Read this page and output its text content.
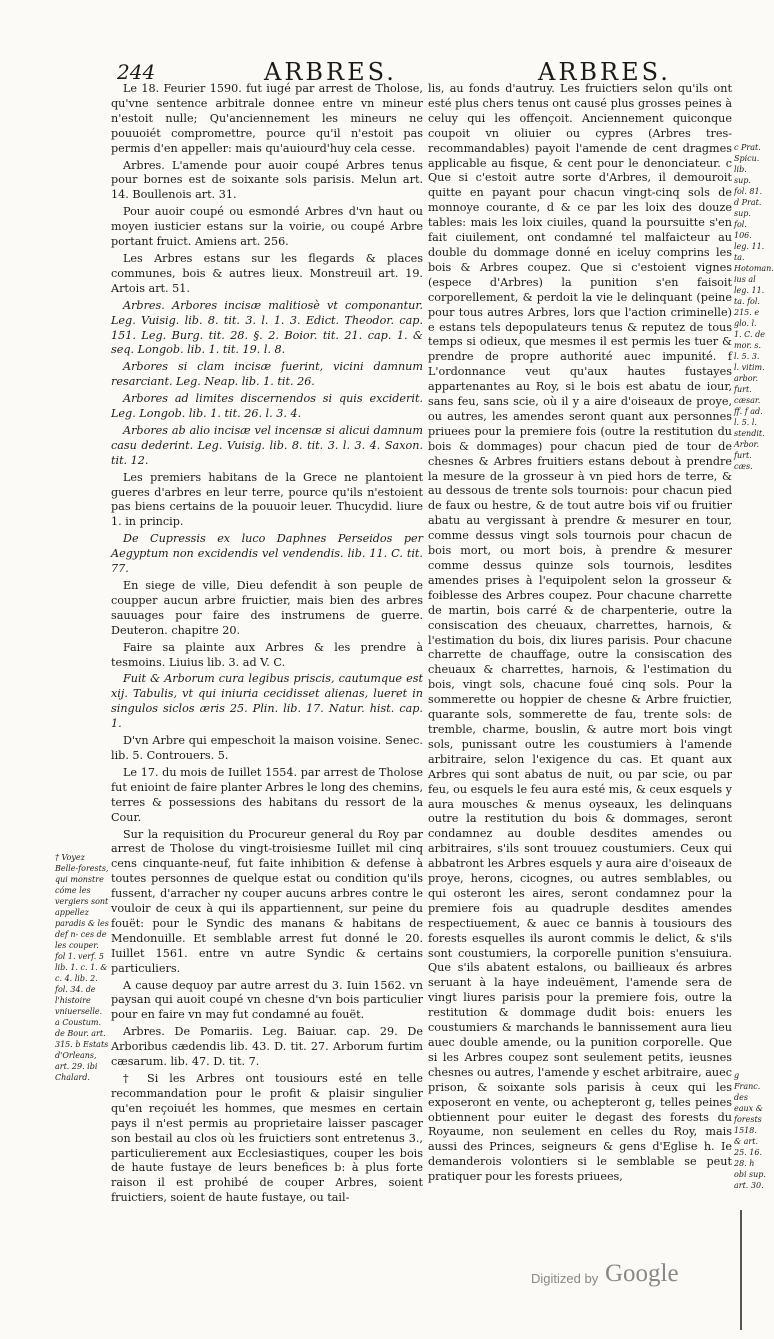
244	ARBRES.	ARBRES.

Le 18. Feurier 1590. fut iugé par arrest de Tholose, qu'vne sentence arbitrale donnee entre vn mineur n'estoit nulle; Qu'anciennement les mineurs ne pouuoiét compromettre, pource qu'il n'estoit pas permis d'en appeller: mais qu'auiourd'huy cela cesse.

Arbres. L'amende pour auoir coupé Arbres tenus pour bornes est de soixante sols parisis. Melun art. 14. Boullenois art. 31.

Pour auoir coupé ou esmondé Arbres d'vn haut ou moyen iusticier estans sur la voirie, ou coupé Arbre portant fruict. Amiens art. 256.

Les Arbres estans sur les flegards & places communes, bois & autres lieux. Monstreuil art. 19. Artois art. 51.

Arbres. Arbores incisæ malitiosè vt componantur. Leg. Vuisig. lib. 8. tit. 3. l. 1. 3. Edict. Theodor. cap. 151. Leg. Burg. tit. 28. §. 2. Boior. tit. 21. cap. 1. & seq. Longob. lib. 1. tit. 19. l. 8.

Arbores si clam incisæ fuerint, vicini damnum resarciant. Leg. Neap. lib. 1. tit. 26.

Arbores ad limites discernendos si quis exciderit. Leg. Longob. lib. 1. tit. 26. l. 3. 4.

Arbores ab alio incisæ vel incensæ si alicui damnum casu dederint. Leg. Vuisig. lib. 8. tit. 3. l. 3. 4. Saxon. tit. 12.

Les premiers habitans de la Grece ne plantoient gueres d'arbres en leur terre, pource qu'ils n'estoient pas biens certains de la pouuoir leuer. Thucydid. liure 1. in princip.

De Cupressis ex luco Daphnes Perseidos per Aegyptum non excidendis vel vendendis. lib. 11. C. tit. 77.

En siege de ville, Dieu defendit à son peuple de coupper aucun arbre fruictier, mais bien des arbres sauuages pour faire des instrumens de guerre. Deuteron. chapitre 20.

Faire sa plainte aux Arbres & les prendre à tesmoins. Liuius lib. 3. ad V. C.

Fuit & Arborum cura legibus priscis, cautumque est xij. Tabulis, vt qui iniuria cecidisset alienas, lueret in singulos siclos æris 25. Plin. lib. 17. Natur. hist. cap. 1.

D'vn Arbre qui empeschoit la maison voisine. Senec. lib. 5. Controuers. 5.

Le 17. du mois de Iuillet 1554. par arrest de Tholose fut enioint de faire planter Arbres le long des chemins, terres & possessions des habitans du ressort de la Cour.

Sur la requisition du Procureur general du Roy par arrest de Tholose du vingt-troisiesme Iuillet mil cinq cens cinquante-neuf, fut faite inhibition & defense à toutes personnes de quelque estat ou condition qu'ils fussent, d'arracher ny couper aucuns arbres contre le vouloir de ceux à qui ils appartiennent, sur peine du fouët: pour le Syndic des manans & habitans de Mendonuille. Et semblable arrest fut donné le 20. Iuillet 1561. entre vn autre Syndic & certains particuliers.

A cause dequoy par autre arrest du 3. Iuin 1562. vn paysan qui auoit coupé vn chesne d'vn bois particulier pour en faire vn may fut condamné au fouët.

Arbres. De Pomariis. Leg. Baiuar. cap. 29. De Arboribus cædendis lib. 43. D. tit. 27. Arborum furtim cæsarum. lib. 47. D. tit. 7.

† Si les Arbres ont tousiours esté en telle recommandation pour le profit & plaisir singulier qu'en reçoiuét les hommes, que mesmes en certain pays il n'est permis au proprietaire laisser pascager son bestail au clos où les fruictiers sont entretenus 3., particulierement aux Ecclesiastiques, couper les bois de haute fustaye de leurs benefices b: à plus forte raison il est prohibé de couper Arbres, soient fruictiers, soient de haute fustaye, ou tail-

lis, au fonds d'autruy. Les fruictiers selon qu'ils ont esté plus chers tenus ont causé plus grosses peines à celuy qui les offençoit. Anciennement quiconque coupoit vn oliuier ou cypres (Arbres tres-recommandables) payoit l'amende de cent dragmes applicable au fisque, & cent pour le denonciateur. c Que si c'estoit autre sorte d'Arbres, il demouroit quitte en payant pour chacun vingt-cinq sols de monnoye courante, d & ce par les loix des douze tables: mais les loix ciuiles, quand la poursuitte s'en fait ciuilement, ont condamné tel malfaicteur au double du dommage donné en iceluy comprins les bois & Arbres coupez. Que si c'estoient vignes (espece d'Arbres) la punition s'en faisoit corporellement, & perdoit la vie le delinquant (peine pour tous autres Arbres, lors que l'action criminelle) e estans tels depopulateurs tenus & reputez de tous temps si odieux, que mesmes il est permis les tuer & prendre de propre authorité auec impunité. f L'ordonnance veut qu'aux hautes fustayes appartenantes au Roy, si le bois est abatu de iour, sans feu, sans scie, où il y a aire d'oiseaux de proye, ou autres, les amendes seront quant aux personnes priuees pour la premiere fois (outre la restitution du bois & dommages) pour chacun pied de tour de chesnes & Arbres fruitiers estans debout à prendre la mesure de la grosseur à vn pied hors de terre, & au dessous de trente sols tournois: pour chacun pied de faux ou hestre, & de tout autre bois vif ou fruitier abatu au vergissant à prendre & mesurer en tour, comme dessus vingt sols tournois pour chacun de bois mort, ou mort bois, à prendre & mesurer comme dessus quinze sols tournois, lesdites amendes prises à l'equipolent selon la grosseur & foiblesse des Arbres coupez. Pour chacune charrette de martin, bois carré & de charpenterie, outre la consiscation des cheuaux, charrettes, harnois, & l'estimation du bois, dix liures parisis. Pour chacune charrette de chauffage, outre la consiscation des cheuaux & charrettes, harnois, & l'estimation du bois, vingt sols, chacune foué cinq sols. Pour la sommerette ou hoppier de chesne & Arbre fruictier, quarante sols, sommerette de fau, trente sols: de tremble, charme, bouslin, & autre mort bois vingt sols, punissant outre les coustumiers à l'amende arbitraire, selon l'exigence du cas. Et quant aux Arbres qui sont abatus de nuit, ou par scie, ou par feu, ou esquels le feu aura esté mis, & ceux esquels y aura mousches & menus oyseaux, les delinquans outre la restitution du bois & dommages, seront condamnez au double desdites amendes ou arbitraires, s'ils sont trouuez coustumiers. Ceux qui abbatront les Arbres esquels y aura aire d'oiseaux de proye, herons, cicognes, ou autres semblables, ou qui osteront les aires, seront condamnez pour la premiere fois au quadruple desdites amendes respectiuement, & auec ce bannis à tousiours des forests esquelles ils auront commis le delict, & s'ils sont coustumiers, la corporelle punition s'ensuiura. Que s'ils abatent estalons, ou baillieaux és arbres seruant à la haye indeuëment, l'amende sera de vingt liures parisis pour la premiere fois, outre la restitution & dommage dudit bois: enuers les coustumiers & marchands le bannissement aura lieu auec double amende, ou la punition corporelle. Que si les Arbres coupez sont seulement petits, ieusnes chesnes ou autres, l'amende y eschet arbitraire, auec prison, & soixante sols parisis à ceux qui les exposeront en vente, ou achepteront g, telles peines obtiennent pour euiter le degast des forests du Royaume, non seulement en celles du Roy, mais aussi des Princes, seigneurs & gens d'Eglise h. Ie demanderois volontiers si le semblable se peut pratiquer pour les forests priuees,

† Voyez Belle-forests, qui monstre cóme les vergiers sont appellez paradis & les def n- ces de les couper. fol 1. verf. 5 lib. 1. c. 1. & c. 4. lib. 2. fol. 34. de l'histoire vniuerselle. a Coustum. de Bour. art. 315. b Estats d'Orleans, art. 29. ibi Chalard.
c Prat. Spicu. lib. sup. fol. 81. d Prat. sup. fol. 106. leg. 11. ta. Hotoman. ius al leg. 11. ta. fol. 215. e glo. l. 1. C. de mor. s. l. 5. 3. l. vitim. arbor. furt. cæsar. ff. f ad. l. 5. l. stendit. Arbor. furt. cæs.
g Franc. des eaux & forests 1518. & art. 25. 16. 28. h obi sup. art. 30.
Digitized by Google
